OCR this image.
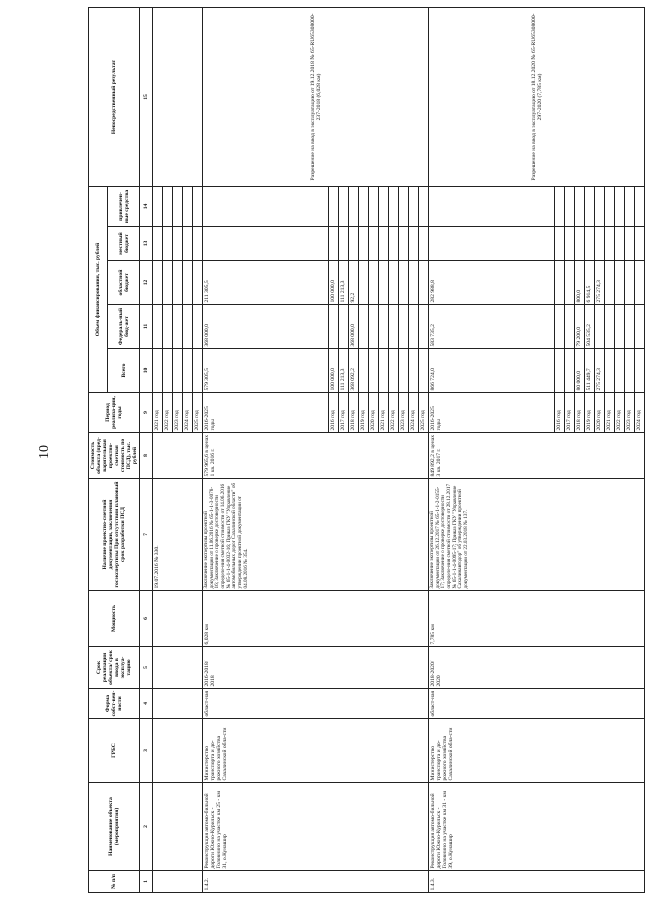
10
№ п/п	Наименование объекта (мероприятия)	ГРБС	Форма собст-вен-ности	Срок реализации объекта/ срок ввода в эксплуа-тацию	Мощность	Наличие проектно-сметной документации, заключения госэкспертизы При отсутствии плановый срок разработки ПСД	Стоимость объекта (пред-варительная проектно-сметная стоимость по ПСД), тыс. рублей	Период реализа-ции, годы	Объем финансирования, тыс. рублей					Непосредственный результат
									Всего	Федераль-ный бюд-жет	областной бюджет	местный бюджет	привлечен-ные средства	
1	2	3	4	5	6	7	8	9	10	11	12	13	14	15
						19.07.2016 № 330.		2021 год						
								2022 год						
								2023 год						
								2024 год						
								2025 год						
1.4.2.	Реконструкция автомо-бильной дороги Южно-Курильск - Головнино на участке км 25 - км 31, о.Кунашир	Министерство транспорта и до-рожного хозяйства Сахалинской обла-сти	област-ная	2016-2018/ 2018	6,028 км	Заключение экспертизы проектной документации от 11.06.2016 № 65-1-1-3-0078-16; Заключение о проверке достоверности определе-ния сметной стоимости от 14.06.2016 № 65-1-1-4-0032-16; Приказ ГКУ "Управление автомобильных дорог Сахалинской области" об утверждении проектной документации от 04.08.2016 № 354.	579 965,6 в ценах 1 кв. 2016 г.	2016-2025 годы	579 305,5	368 000,0	211 305,5			Разрешение на ввод в эксплуатацию от 19.12.2018 № 65-RU65308000-237-2018 (6,028 км)
								2016 год	100 000,0		100 000,0			
								2017 год	111 213,3		111 213,3			
								2018 год	368 092,2	368 000,0	92,2			
								2019 год						
								2020 год						
								2021 год						
								2022 год						
								2023 год						
								2024 год						
								2025 год						
1.4.3.	Реконструкция автомо-бильной дороги Южно-Курильск - Головнино на участке км 31 - км 39, о.Кунашир	Министерство транспорта и до-рожного хозяйства Сахалинской обла-сти	област-ная	2018-2020/ 2020	7,785 км	Заключение экспертизы проектной документации от 26.12.2017 № 65-1-1-2-0155-17; Заключение о проверке достоверности определе-ния сметной стоимости от 28.12.2017 № 65-1-1-4-0095-17; Приказ ГКУ "Управление Сахалинавтодор" об утверждении проектной документации от 22.03.2018 № 137.	849 892,2 в ценах 3 кв. 2017 г.	2016-2025 годы	866 724,0	583 735,2	282 988,8			Разрешение на ввод в эксплуатацию от 18.12.2020 № 65-RU65308000-297-2020 (7,785 км)
								2016 год						
								2017 год						
								2018 год	80 000,0	79 200,0	800,0			
								2019 год	511 449,7	504 535,2	6 914,5			
								2020 год	275 274,3		275 274,3			
								2021 год						
								2022 год						
								2023 год						
								2024 год						
